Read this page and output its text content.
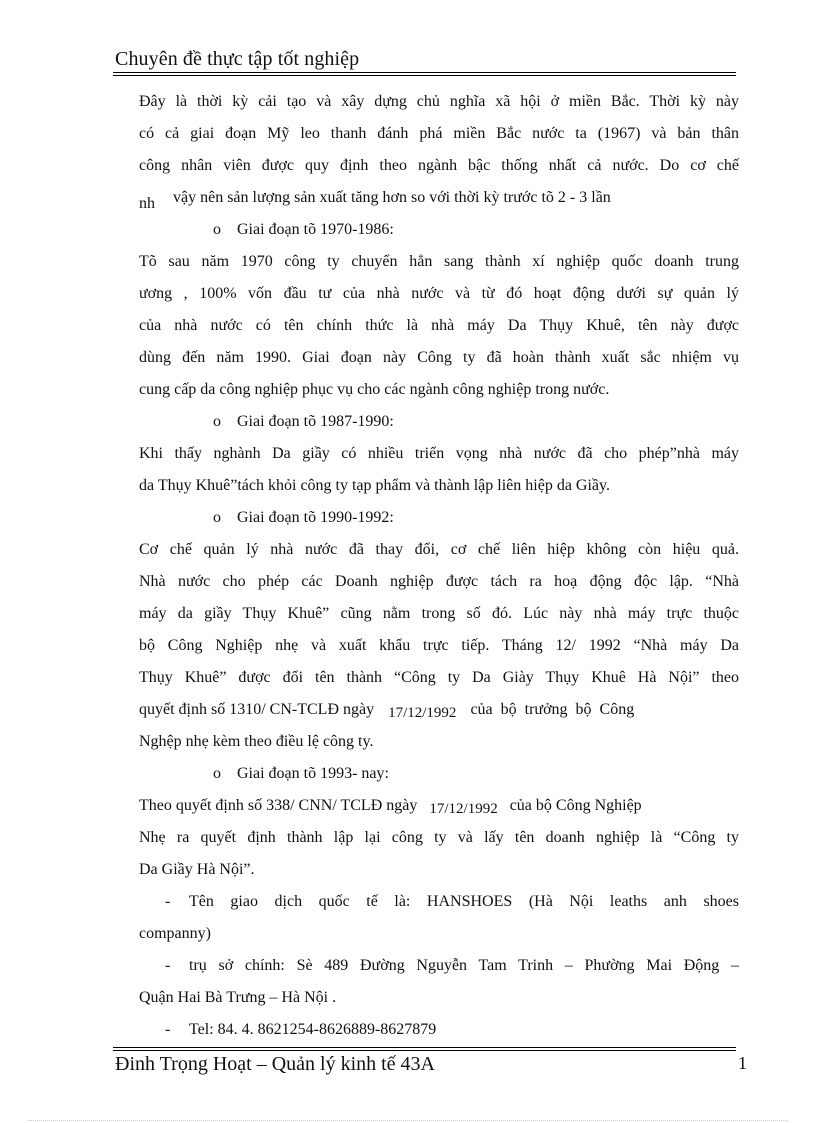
Chuyên đề thực tập tốt nghiệp
Đây là thời kỳ cải tạo và xây dựng chủ nghĩa xã hội ở miền Bắc. Thời kỳ này
có cả giai đoạn Mỹ leo thanh đánh phá miền Bắc nước ta (1967) và bản thân
công nhân viên được quy định theo ngành bậc thống nhất cả nước. Do cơ chế
nh vậy nên sản lượng sản xuất tăng hơn so với thời kỳ trước tõ 2 - 3 lần
o Giai đoạn tõ 1970-1986:
Tõ sau năm 1970 công ty chuyển hẳn sang thành xí nghiệp quốc doanh trung
ương , 100% vốn đầu tư của nhà nước và từ đó hoạt động dưới sự quản lý
của nhà nước có tên chính thức là nhà máy Da Thụy Khuê, tên này được
dùng đến năm 1990. Giai đoạn này Công ty đã hoàn thành xuất sắc nhiệm vụ
cung cấp da công nghiệp phục vụ cho các ngành công nghiệp trong nước.
o Giai đoạn tõ 1987-1990:
Khi thấy nghành Da giầy có nhiều triển vọng nhà nước đã cho phép”nhà máy
da Thụy Khuê”tách khỏi công ty tạp phẩm và thành lập liên hiệp da Giầy.
o Giai đoạn tõ 1990-1992:
Cơ chế quản lý nhà nước đã thay đổi, cơ chế liên hiệp không còn hiệu quả.
Nhà nước cho phép các Doanh nghiệp được tách ra hoạ động độc lập. “Nhà
máy da giầy Thụy Khuê” cũng nằm trong số đó. Lúc này nhà máy trực thuộc
bộ Công Nghiệp nhẹ và xuất khẩu trực tiếp. Tháng 12/ 1992 “Nhà máy Da
Thụy Khuê” được đổi tên thành “Công ty Da Giày Thụy Khuê Hà Nội” theo
quyết định số 1310/ CN-TCLĐ ngày 17/12/1992 của bộ trưởng bộ Công
Nghệp nhẹ kèm theo điều lệ công ty.
o Giai đoạn tõ 1993- nay:
Theo quyết định số 338/ CNN/ TCLĐ ngày 17/12/1992 của bộ Công Nghiệp
Nhẹ ra quyết định thành lập lại công ty và lấy tên doanh nghiệp là “Công ty
Da Giầy Hà Nội”.
- Tên giao dịch quốc tế là: HANSHOES (Hà Nội leaths anh shoes
companny)
- trụ sở chính: Sè 489 Đường Nguyễn Tam Trinh – Phường Mai Động –
Quận Hai Bà Trưng – Hà Nội .
- Tel: 84. 4. 8621254-8626889-8627879
Đinh Trọng Hoạt – Quản lý kinh tế 43A	1
